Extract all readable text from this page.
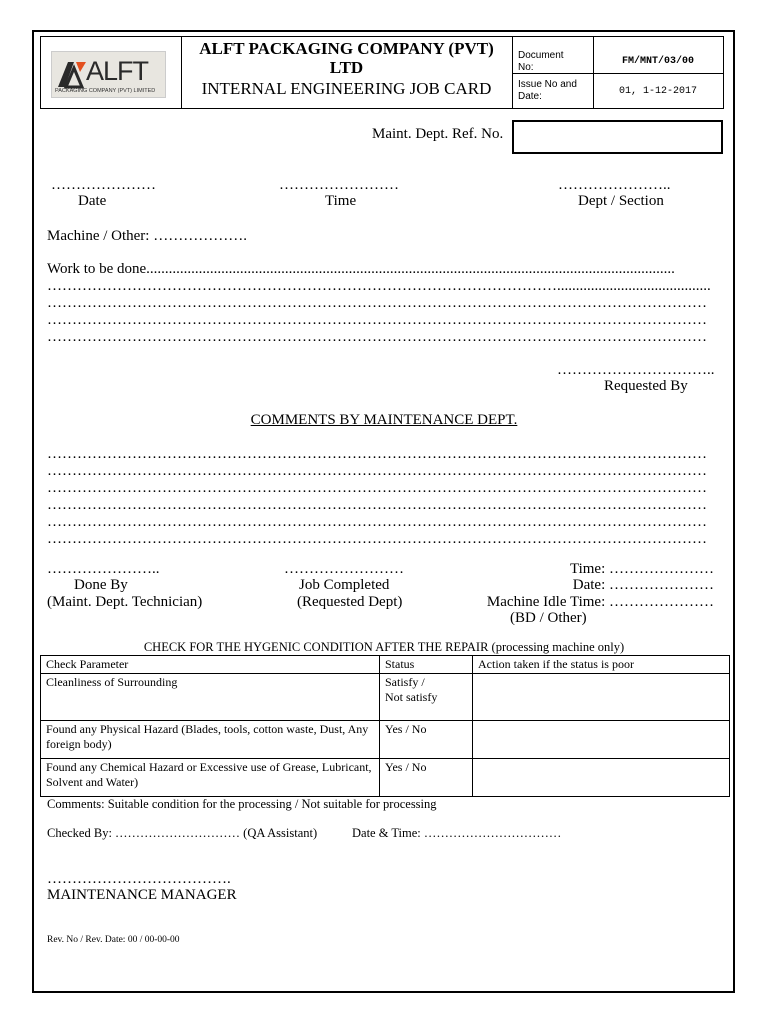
ALFT
PACKAGING COMPANY (PVT) LIMITED
ALFT PACKAGING COMPANY (PVT)
LTD
INTERNAL ENGINEERING JOB CARD
Document
No:
FM/MNT/03/00
Issue No and
Date:	01, 1-12-2017
Maint. Dept. Ref. No.
…………………
Date
……………………
Time
…………………..
Dept / Section
Machine / Other: ……………….
Work to be done.............................................................................................................................................
………………………………………………………………………………………….........................................
……………………………………………………………………………………………………………………
……………………………………………………………………………………………………………………
……………………………………………………………………………………………………………………
…………………………..
Requested By
COMMENTS BY MAINTENANCE DEPT.
……………………………………………………………………………………………………………………
……………………………………………………………………………………………………………………
……………………………………………………………………………………………………………………
……………………………………………………………………………………………………………………
……………………………………………………………………………………………………………………
……………………………………………………………………………………………………………………
…………………..
Done By
(Maint. Dept. Technician)
……………………
Job Completed
(Requested Dept)
Time: …………………
Date: …………………
Machine Idle Time: …………………
(BD / Other)
CHECK FOR THE HYGENIC CONDITION AFTER THE REPAIR (processing machine only)
Check Parameter	Status	Action taken if the status is poor
Cleanliness of Surrounding	Satisfy /
Not satisfy	

Found any Physical Hazard (Blades, tools, cotton waste, Dust, Any foreign body)	Yes / No	
Found any Chemical Hazard or Excessive use of Grease, Lubricant, Solvent and Water)	Yes / No	
Comments: Suitable condition for the processing / Not suitable for processing
Checked By: ………………………… (QA Assistant)	Date & Time: ……………………………
……………………………….
MAINTENANCE MANAGER
Rev. No / Rev. Date: 00 / 00-00-00
